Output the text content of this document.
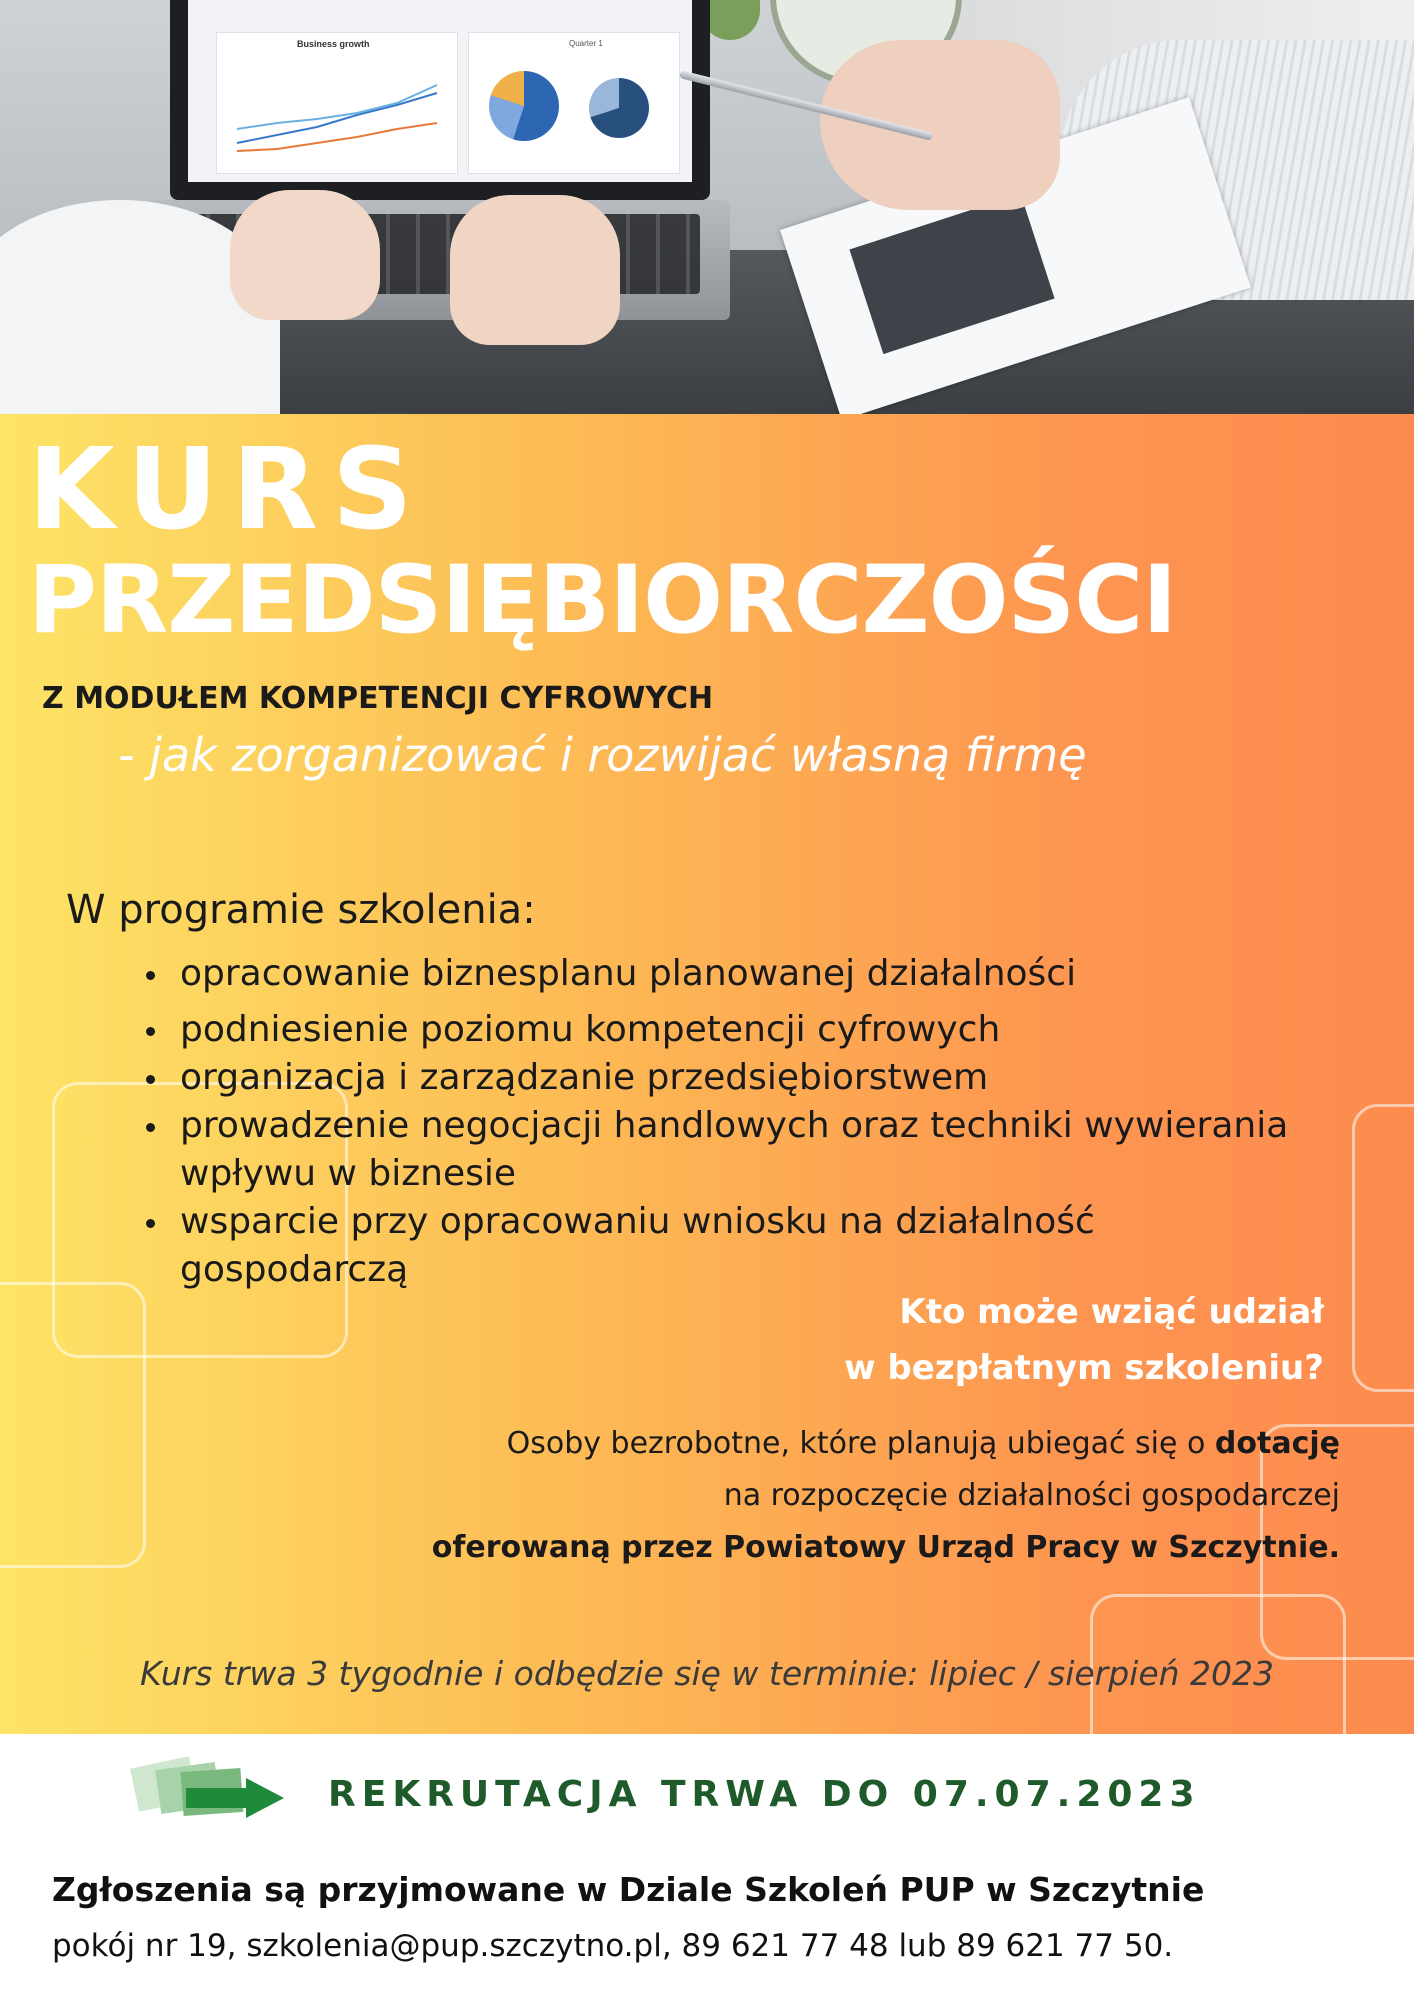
Business growth	Quarter 1
KURS
PRZEDSIĘBIORCZOŚCI
Z MODUŁEM KOMPETENCJI CYFROWYCH
- jak zorganizować i rozwijać własną firmę
W programie szkolenia:
opracowanie biznesplanu planowanej działalności
podniesienie poziomu kompetencji cyfrowych
organizacja i zarządzanie przedsiębiorstwem
prowadzenie negocjacji handlowych oraz techniki wywierania wpływu w biznesie
wsparcie przy opracowaniu wniosku na działalność gospodarczą
Kto może wziąć udział
w bezpłatnym szkoleniu?
Osoby bezrobotne, które planują ubiegać się o dotację
na rozpoczęcie działalności gospodarczej
oferowaną przez Powiatowy Urząd Pracy w Szczytnie.
Kurs trwa 3 tygodnie i odbędzie się w terminie: lipiec / sierpień 2023
REKRUTACJA TRWA DO 07.07.2023
Zgłoszenia są przyjmowane w Dziale Szkoleń PUP w Szczytnie
pokój nr 19, szkolenia@pup.szczytno.pl, 89 621 77 48 lub 89 621 77 50.
